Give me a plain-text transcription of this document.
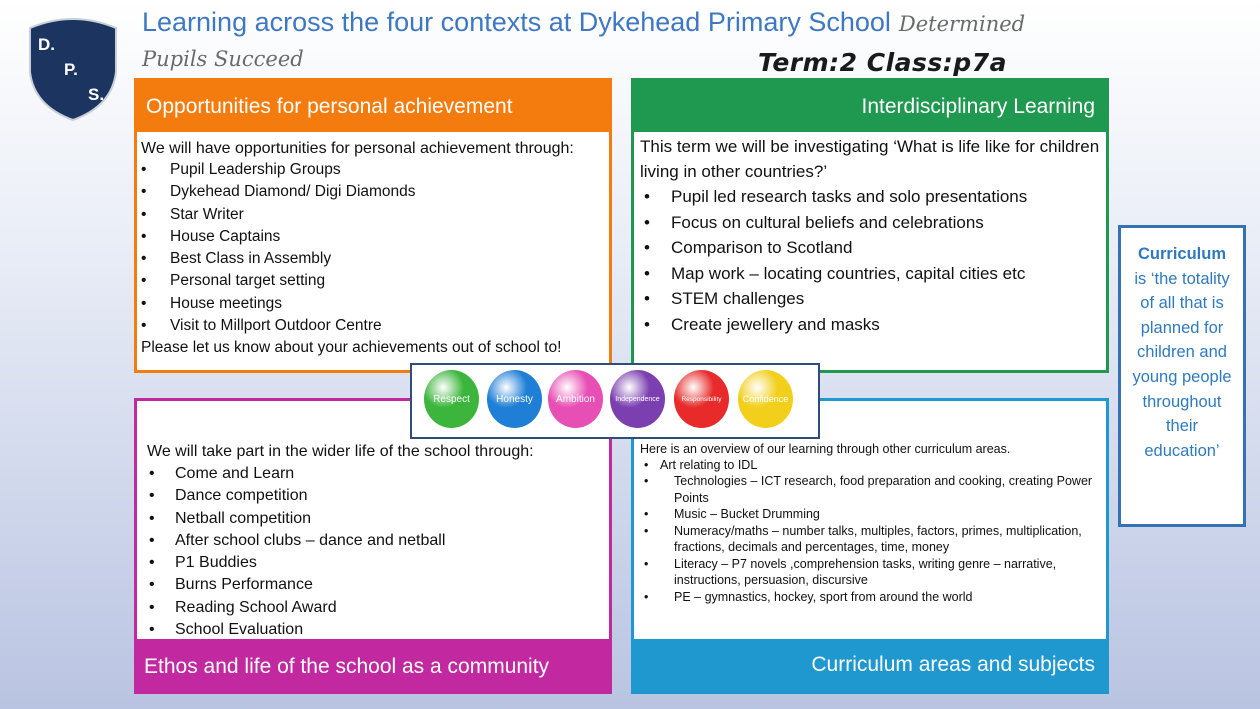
D.
P.
S.
Learning across the four contexts at Dykehead Primary School Determined Pupils Succeed	Term:2 Class:p7a
Opportunities for personal achievement
We will have opportunities for personal achievement through:
• Pupil Leadership Groups
• Dykehead Diamond/ Digi Diamonds
• Star Writer
• House Captains
• Best Class in Assembly
• Personal target setting
• House meetings
• Visit to Millport Outdoor Centre
Please let us know about your achievements out of school to!
Interdisciplinary Learning
This term we will be investigating ‘What is life like for children living in other countries?’
• Pupil led research tasks and solo presentations
• Focus on cultural beliefs and celebrations
• Comparison to Scotland
• Map work – locating countries, capital cities etc
• STEM challenges
• Create jewellery and masks
We will take part in the wider life of the school through:
• Come and Learn
• Dance competition
• Netball competition
• After school clubs – dance and netball
• P1 Buddies
• Burns Performance
• Reading School Award
• School Evaluation
Ethos and life of the school as a community
Here is an overview of our learning through other curriculum areas.
• Art relating to IDL
• Technologies – ICT research, food preparation and cooking, creating Power Points
• Music – Bucket Drumming
• Numeracy/maths – number talks, multiples, factors, primes, multiplication, fractions, decimals and percentages, time, money
• Literacy – P7 novels ,comprehension tasks, writing genre – narrative, instructions, persuasion, discursive
• PE – gymnastics, hockey, sport from around the world
Curriculum areas and subjects
Respect	Honesty Ambition	Independence	Responsibility Confidence
Curriculum
is ‘the totality of all that is planned for children and young people throughout their education’
